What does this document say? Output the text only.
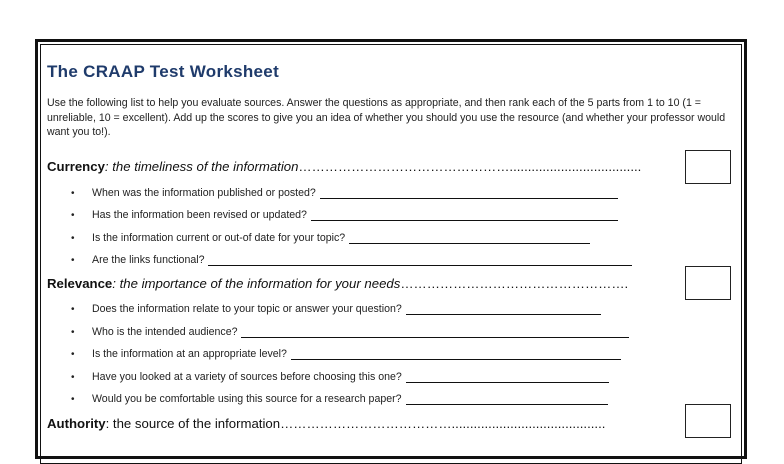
The CRAAP Test Worksheet
Use the following list to help you evaluate sources. Answer the questions as appropriate, and then rank each of the 5 parts from 1 to 10 (1 = unreliable, 10 = excellent). Add up the scores to give you an idea of whether you should you use the resource (and whether your professor would want you to!).
Currency: the timeliness of the information…………………………………………....................................
•	When was the information published or posted?
•	Has the information been revised or updated?
•	Is the information current or out-of date for your topic?
•	Are the links functional?
Relevance: the importance of the information for your needs…………………………………………….
•	Does the information relate to your topic or answer your question?
•	Who is the intended audience?
•	Is the information at an appropriate level?
•	Have you looked at a variety of sources before choosing this one?
•	Would you be comfortable using this source for a research paper?
Authority: the source of the information…………………………………..........................................
